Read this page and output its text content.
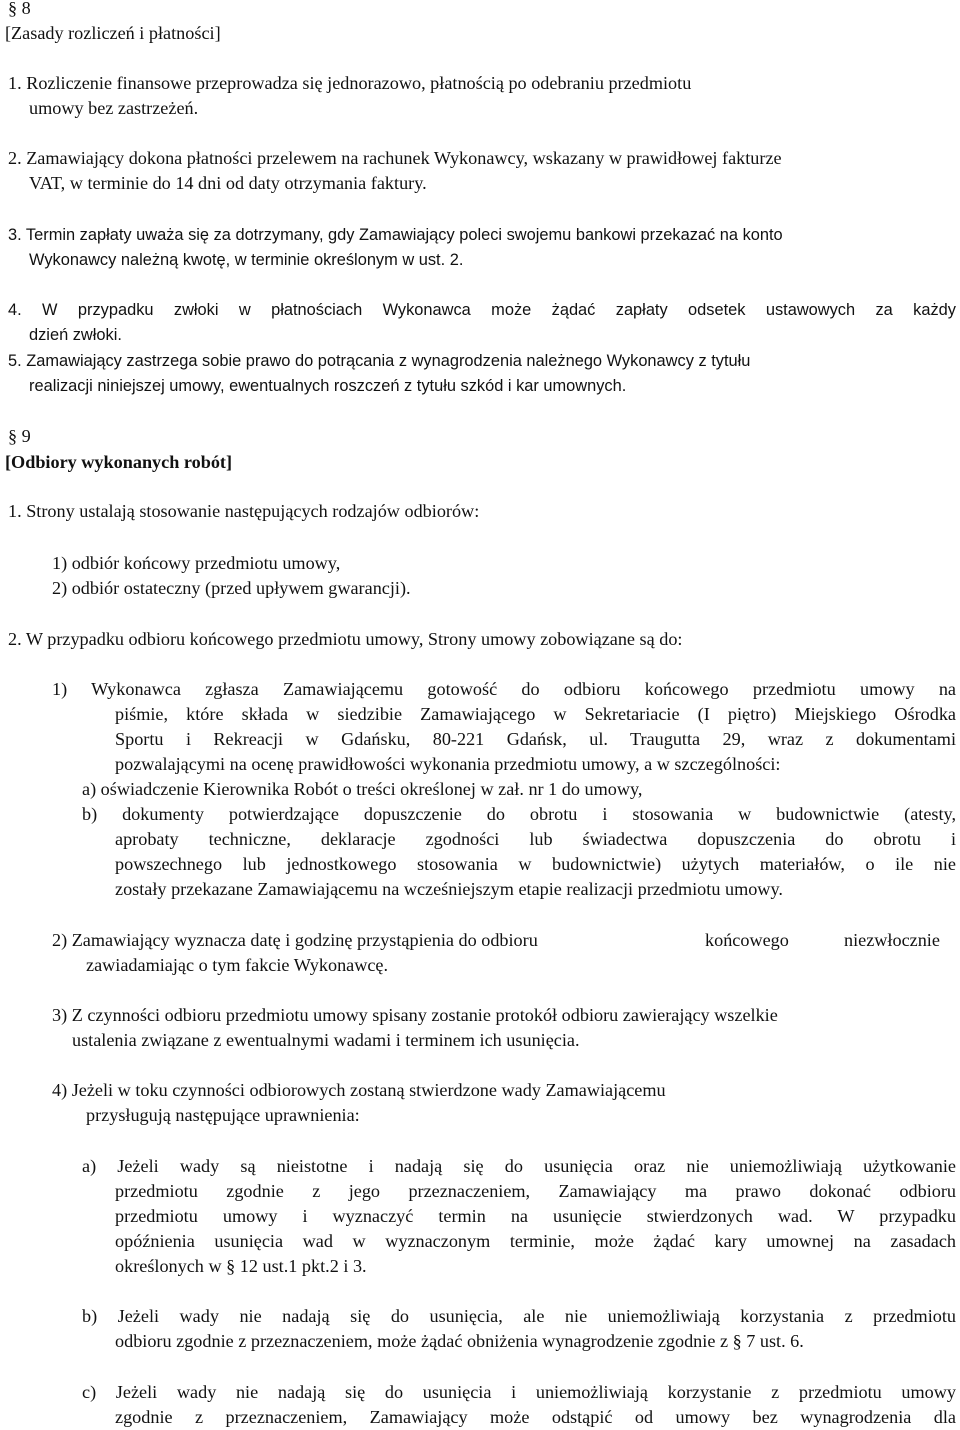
§ 8
[Zasady rozliczeń i płatności]
1. Rozliczenie finansowe przeprowadza się jednorazowo, płatnością po odebraniu przedmiotu
umowy bez zastrzeżeń.
2. Zamawiający dokona płatności przelewem na rachunek Wykonawcy, wskazany w prawidłowej fakturze
VAT, w terminie do 14 dni od daty otrzymania faktury.
3. Termin zapłaty uważa się za dotrzymany, gdy Zamawiający poleci swojemu bankowi przekazać na konto
Wykonawcy należną kwotę, w terminie określonym w ust. 2.
4. W przypadku zwłoki w płatnościach Wykonawca może żądać zapłaty odsetek ustawowych za każdy
dzień zwłoki.
5. Zamawiający zastrzega sobie prawo do potrącania z wynagrodzenia należnego Wykonawcy z tytułu
realizacji niniejszej umowy, ewentualnych roszczeń z tytułu szkód i kar umownych.
§ 9
[Odbiory wykonanych robót]
1. Strony ustalają stosowanie następujących rodzajów odbiorów:
1) odbiór końcowy przedmiotu umowy,
2) odbiór ostateczny (przed upływem gwarancji).
2. W przypadku odbioru końcowego przedmiotu umowy, Strony umowy zobowiązane są do:
1) Wykonawca zgłasza Zamawiającemu gotowość do odbioru końcowego przedmiotu umowy na
piśmie, które składa w siedzibie Zamawiającego w Sekretariacie (I piętro) Miejskiego Ośrodka
Sportu i Rekreacji w Gdańsku, 80-221 Gdańsk, ul. Traugutta 29, wraz z dokumentami
pozwalającymi na ocenę prawidłowości wykonania przedmiotu umowy, a w szczególności:
a) oświadczenie Kierownika Robót o treści określonej w zał. nr 1 do umowy,
b) dokumenty potwierdzające dopuszczenie do obrotu i stosowania w budownictwie (atesty,
aprobaty techniczne, deklaracje zgodności lub świadectwa dopuszczenia do obrotu i
powszechnego lub jednostkowego stosowania w budownictwie) użytych materiałów, o ile nie
zostały przekazane Zamawiającemu na wcześniejszym etapie realizacji przedmiotu umowy.
2) Zamawiający wyznacza datę i godzinę przystąpienia do odbioru	końcowego	niezwłocznie
zawiadamiając o tym fakcie Wykonawcę.
3) Z czynności odbioru przedmiotu umowy spisany zostanie protokół odbioru zawierający wszelkie
ustalenia związane z ewentualnymi wadami i terminem ich usunięcia.
4) Jeżeli w toku czynności odbiorowych zostaną stwierdzone wady Zamawiającemu
przysługują następujące uprawnienia:
a) Jeżeli wady są nieistotne i nadają się do usunięcia oraz nie uniemożliwiają użytkowanie
przedmiotu zgodnie z jego przeznaczeniem, Zamawiający ma prawo dokonać odbioru
przedmiotu umowy i wyznaczyć termin na usunięcie stwierdzonych wad. W przypadku
opóźnienia usunięcia wad w wyznaczonym terminie, może żądać kary umownej na zasadach
określonych w § 12 ust.1 pkt.2 i 3.
b) Jeżeli wady nie nadają się do usunięcia, ale nie uniemożliwiają korzystania z przedmiotu
odbioru zgodnie z przeznaczeniem, może żądać obniżenia wynagrodzenie zgodnie z § 7 ust. 6.
c) Jeżeli wady nie nadają się do usunięcia i uniemożliwiają korzystanie z przedmiotu umowy
zgodnie z przeznaczeniem, Zamawiający może odstąpić od umowy bez wynagrodzenia dla
